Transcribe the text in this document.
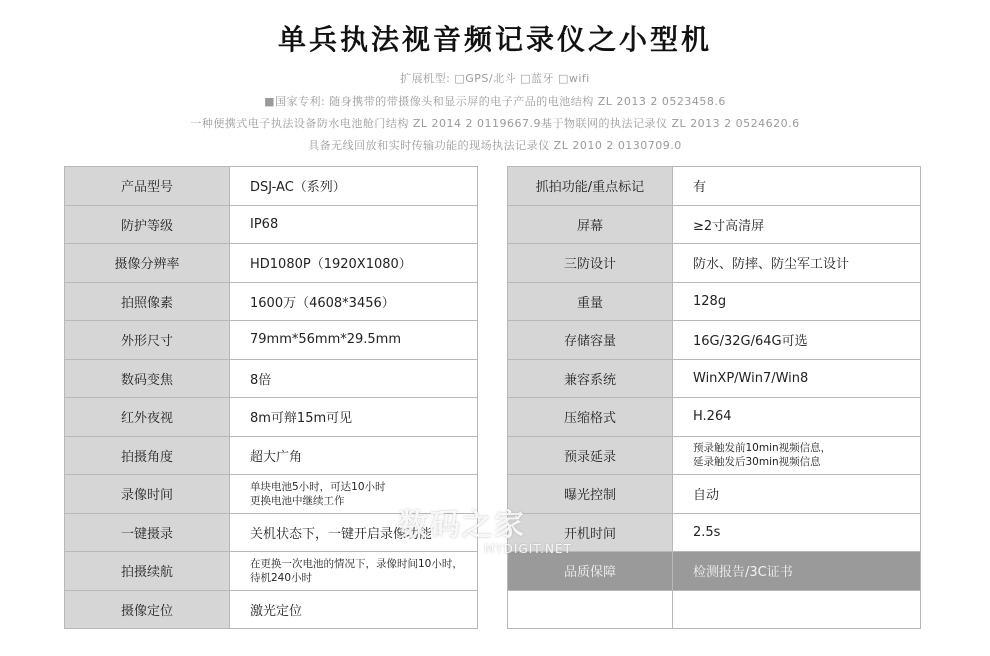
单兵执法视音频记录仪之小型机
扩展机型: □GPS/北斗 □蓝牙 □wifi
■国家专利: 随身携带的带摄像头和显示屏的电子产品的电池结构 ZL 2013 2 0523458.6
一种便携式电子执法设备防水电池舱门结构 ZL 2014 2 0119667.9基于物联网的执法记录仪 ZL 2013 2 0524620.6
具备无线回放和实时传输功能的现场执法记录仪 ZL 2010 2 0130709.0
产品型号	DSJ-AC（系列）
防护等级	IP68
摄像分辨率	HD1080P（1920X1080）
拍照像素	1600万（4608*3456）
外形尺寸	79mm*56mm*29.5mm
数码变焦	8倍
红外夜视	8m可辩15m可见
拍摄角度	超大广角
录像时间	单块电池5小时，可达10小时
更换电池中继续工作

一键摄录	关机状态下，一键开启录像功能
拍摄续航	在更换一次电池的情况下，录像时间10小时，
待机240小时

摄像定位	激光定位
抓拍功能/重点标记	有
屏幕	≥2寸高清屏
三防设计	防水、防摔、防尘军工设计
重量	128g
存储容量	16G/32G/64G可选
兼容系统	WinXP/Win7/Win8
压缩格式	H.264
预录延录	预录触发前10min视频信息，
延录触发后30min视频信息

曝光控制	自动
开机时间	2.5s
品质保障	检测报告/3C证书

数码之家
MYDIGIT.NET
